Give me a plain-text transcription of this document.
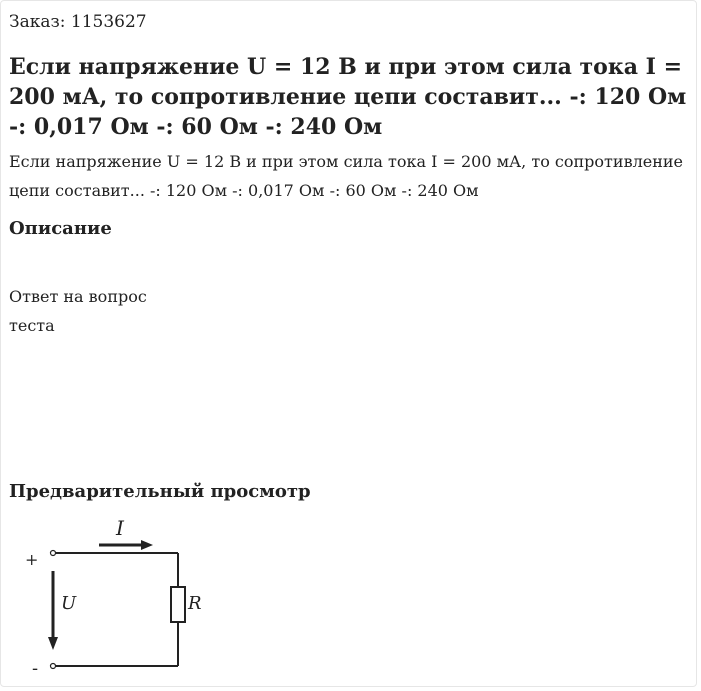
Заказ: 1153627

Если напряжение U = 12 В и при этом сила тока I = 200 мА, то сопротивление цепи составит... -: 120 Ом -: 0,017 Ом -: 60 Ом -: 240 Ом

Если напряжение U = 12 В и при этом сила тока I = 200 мА, то сопротивление цепи составит... -: 120 Ом -: 0,017 Ом -: 60 Ом -: 240 Ом

Описание

Ответ на вопрос теста

Предварительный просмотр
I
U	R
+
-
